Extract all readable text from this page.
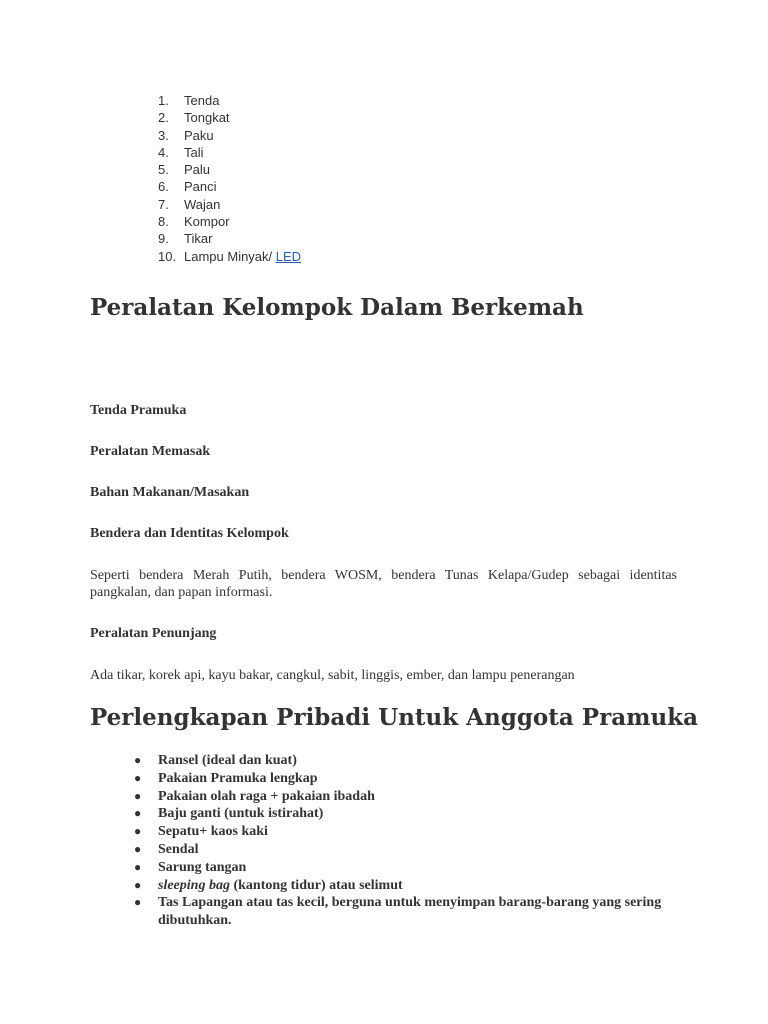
1.	Tenda
2.	Tongkat
3.	Paku
4.	Tali
5.	Palu
6.	Panci
7.	Wajan
8.	Kompor
9.	Tikar
10. Lampu Minyak/ LED
Peralatan Kelompok Dalam Berkemah
Tenda Pramuka
Peralatan Memasak
Bahan Makanan/Masakan
Bendera dan Identitas Kelompok

Seperti bendera Merah Putih, bendera WOSM, bendera Tunas Kelapa/Gudep sebagai identitas pangkalan, dan papan informasi.

Peralatan Penunjang

Ada tikar, korek api, kayu bakar, cangkul, sabit, linggis, ember, dan lampu penerangan

Perlengkapan Pribadi Untuk Anggota Pramuka
● Ransel (ideal dan kuat)
● Pakaian Pramuka lengkap
● Pakaian olah raga + pakaian ibadah
● Baju ganti (untuk istirahat)
● Sepatu+ kaos kaki
● Sendal
● Sarung tangan
● sleeping bag (kantong tidur) atau selimut
● Tas Lapangan atau tas kecil, berguna untuk menyimpan barang-barang yang sering dibutuhkan.
